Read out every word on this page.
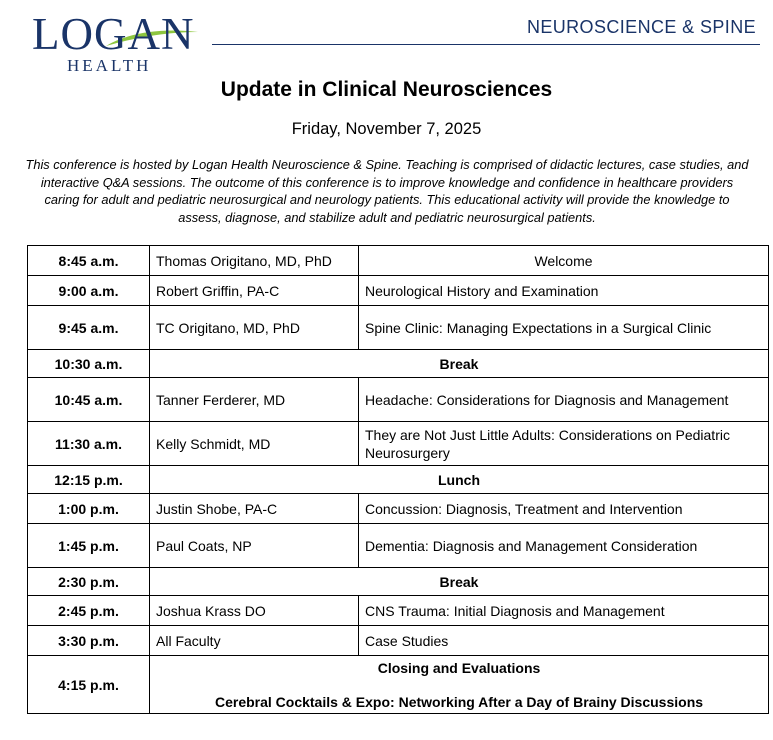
LOGAN
HEALTH
NEUROSCIENCE & SPINE
Update in Clinical Neurosciences
Friday, November 7, 2025
This conference is hosted by Logan Health Neuroscience & Spine. Teaching is comprised of didactic lectures, case studies, and interactive Q&A sessions. The outcome of this conference is to improve knowledge and confidence in healthcare providers caring for adult and pediatric neurosurgical and neurology patients. This educational activity will provide the knowledge to assess, diagnose, and stabilize adult and pediatric neurosurgical patients.
8:45 a.m.	Thomas Origitano, MD, PhD	Welcome
9:00 a.m.	Robert Griffin, PA-C	Neurological History and Examination
9:45 a.m.	TC Origitano, MD, PhD	Spine Clinic: Managing Expectations in a Surgical Clinic
10:30 a.m.	Break	
10:45 a.m.	Tanner Ferderer, MD	Headache: Considerations for Diagnosis and Management
11:30 a.m.	Kelly Schmidt, MD	They are Not Just Little Adults: Considerations on Pediatric Neurosurgery
12:15 p.m.	Lunch	
1:00 p.m.	Justin Shobe, PA-C	Concussion: Diagnosis, Treatment and Intervention
1:45 p.m.	Paul Coats, NP	Dementia: Diagnosis and Management Consideration
2:30 p.m.	Break	
2:45 p.m.	Joshua Krass DO	CNS Trauma: Initial Diagnosis and Management
3:30 p.m.	All Faculty	Case Studies
4:15 p.m.	Closing and Evaluations
Cerebral Cocktails & Expo: Networking After a Day of Brainy Discussions	
